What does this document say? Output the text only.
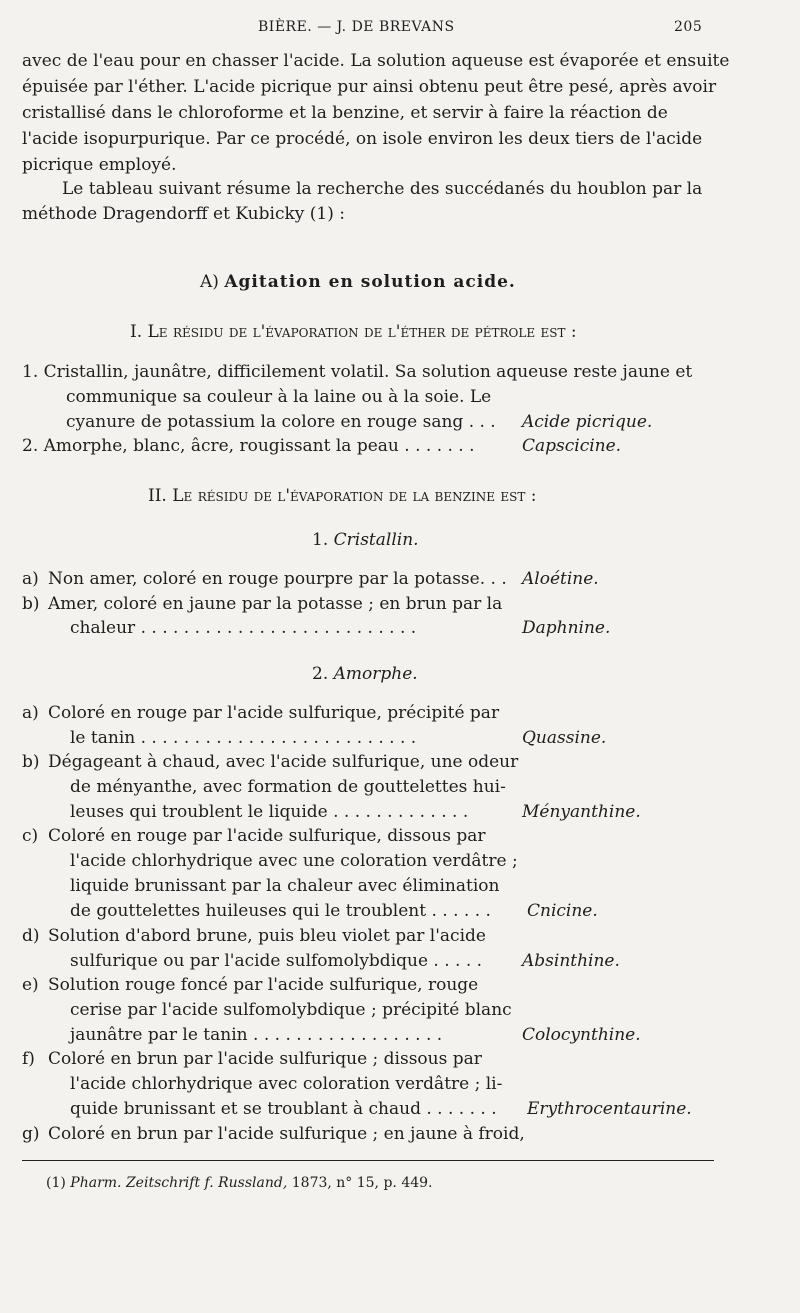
BIÈRE. — J. DE BREVANS	205
avec de l'eau pour en chasser l'acide. La solution aqueuse est évaporée et ensuite
épuisée par l'éther. L'acide picrique pur ainsi obtenu peut être pesé, après avoir
cristallisé dans le chloroforme et la benzine, et servir à faire la réaction de
l'acide isopurpurique. Par ce procédé, on isole environ les deux tiers de l'acide
picrique employé.
Le tableau suivant résume la recherche des succédanés du houblon par la
méthode Dragendorff et Kubicky (1) :
A) Agitation en solution acide.
I. Le résidu de l'évaporation de l'éther de pétrole est :
1. Cristallin, jaunâtre, difficilement volatil. Sa solution aqueuse reste jaune et
communique sa couleur à la laine ou à la soie. Le
cyanure de potassium la colore en rouge sang . . . Acide picrique.
2. Amorphe, blanc, âcre, rougissant la peau . . . . . . .	Capscicine.
II. Le résidu de l'évaporation de la benzine est :
1. Cristallin.
a) Non amer, coloré en rouge pourpre par la potasse. . . Aloétine.
b) Amer, coloré en jaune par la potasse ; en brun par la
chaleur . . . . . . . . . . . . . . . . . . . . . . . . . .	Daphnine.
2. Amorphe.
a) Coloré en rouge par l'acide sulfurique, précipité par
le tanin . . . . . . . . . . . . . . . . . . . . . . . . . .	Quassine.
b) Dégageant à chaud, avec l'acide sulfurique, une odeur
de ményanthe, avec formation de gouttelettes hui-
leuses qui troublent le liquide . . . . . . . . . . . . .	Ményanthine.
c) Coloré en rouge par l'acide sulfurique, dissous par
l'acide chlorhydrique avec une coloration verdâtre ;
liquide brunissant par la chaleur avec élimination
de gouttelettes huileuses qui le troublent . . . . . . Cnicine.
d) Solution d'abord brune, puis bleu violet par l'acide
sulfurique ou par l'acide sulfomolybdique . . . . . Absinthine.
e) Solution rouge foncé par l'acide sulfurique, rouge
cerise par l'acide sulfomolybdique ; précipité blanc
jaunâtre par le tanin . . . . . . . . . . . . . . . . . .	Colocynthine.
f) Coloré en brun par l'acide sulfurique ; dissous par
l'acide chlorhydrique avec coloration verdâtre ; li-
quide brunissant et se troublant à chaud . . . . . . . Erythrocentaurine.
g) Coloré en brun par l'acide sulfurique ; en jaune à froid,
(1) Pharm. Zeitschrift f. Russland, 1873, n° 15, p. 449.
